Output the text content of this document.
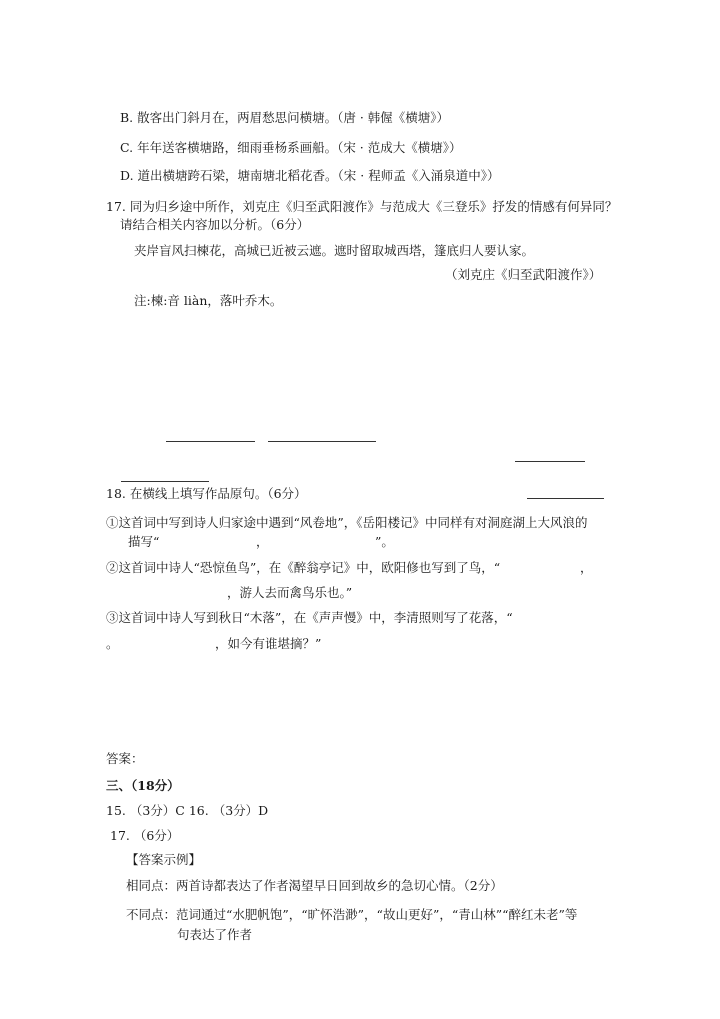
B. 散客出门斜月在，两眉愁思问横塘。（唐 · 韩偓《横塘》）
C. 年年送客横塘路，细雨垂杨系画船。（宋 · 范成大《横塘》）
D. 道出横塘跨石梁，塘南塘北稻花香。（宋 · 程师孟《入涌泉道中》）
17. 同为归乡途中所作，刘克庄《归至武阳渡作》与范成大《三登乐》抒发的情感有何异同？
请结合相关内容加以分析。（6分）
夹岸盲风扫楝花，高城已近被云遮。遮时留取城西塔，篷底归人要认家。
（刘克庄《归至武阳渡作》）
注:楝:音 liàn，落叶乔木。
18. 在横线上填写作品原句。（6分）
①这首词中写到诗人归家途中遇到“风卷地”，《岳阳楼记》中同样有对洞庭湖上大风浪的
描写“	，	”。
②这首词中诗人“恐惊鱼鸟”，在《醉翁亭记》中，欧阳修也写到了鸟，“	，
，游人去而禽鸟乐也。”
③这首词中诗人写到秋日“木落”，在《声声慢》中，李清照则写了花落，“
。	，如今有谁堪摘？”
答案：
三、（18分）
15. （3分）C 16. （3分）D
17. （6分）
【答案示例】
相同点：两首诗都表达了作者渴望早日回到故乡的急切心情。（2分）
不同点：范词通过“水肥帆饱”，“旷怀浩渺”，“故山更好”，“青山林”“醉红未老”等
句表达了作者
